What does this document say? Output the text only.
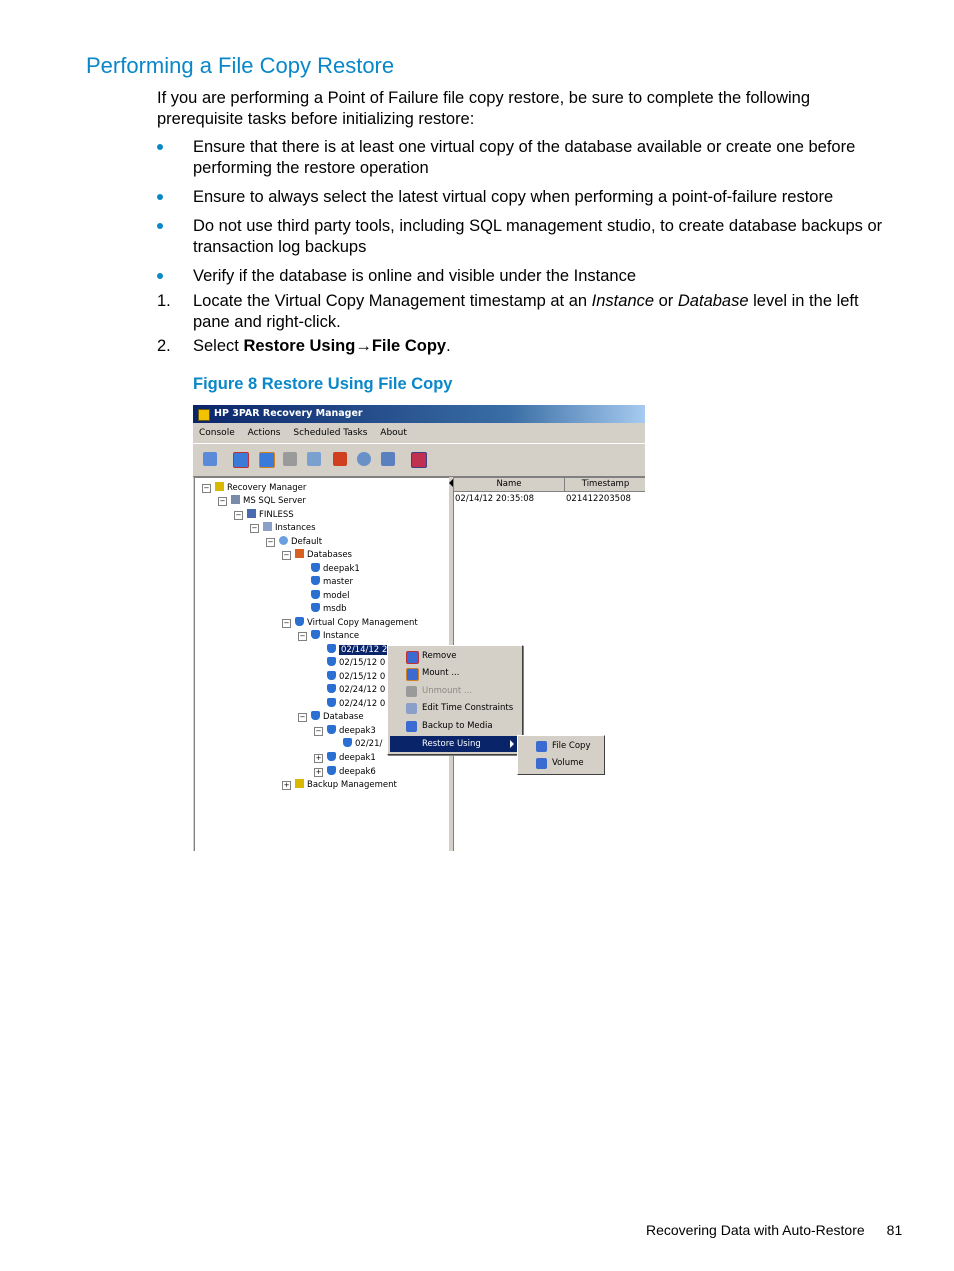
Performing a File Copy Restore

If you are performing a Point of Failure file copy restore, be sure to complete the following prerequisite tasks before initializing restore:

Ensure that there is at least one virtual copy of the database available or create one before performing the restore operation
Ensure to always select the latest virtual copy when performing a point-of-failure restore
Do not use third party tools, including SQL management studio, to create database backups or transaction log backups
Verify if the database is online and visible under the Instance
1. Locate the Virtual Copy Management timestamp at an Instance or Database level in the left pane and right-click.
2. Select Restore Using→File Copy.
Figure 8 Restore Using File Copy
HP 3PAR Recovery Manager
Console Actions Scheduled Tasks About
−	Recovery Manager
−	MS SQL Server
−	FINLESS
−	Instances
−	Default
−	Databases
deepak1
master
model
msdb
−	Virtual Copy Management
−	Instance
02/14/12 2
02/15/12 0
02/15/12 0
02/24/12 0
02/24/12 0
−	Database
−	deepak3
02/21/
+	deepak1
+	deepak6
+	Backup Management
Name	Timestamp
02/14/12 20:35:08	021412203508
Remove
Mount ...
Unmount ...
Edit Time Constraints
Backup to Media
Restore Using	File Copy
Volume
Recovering Data with Auto-Restore 81
